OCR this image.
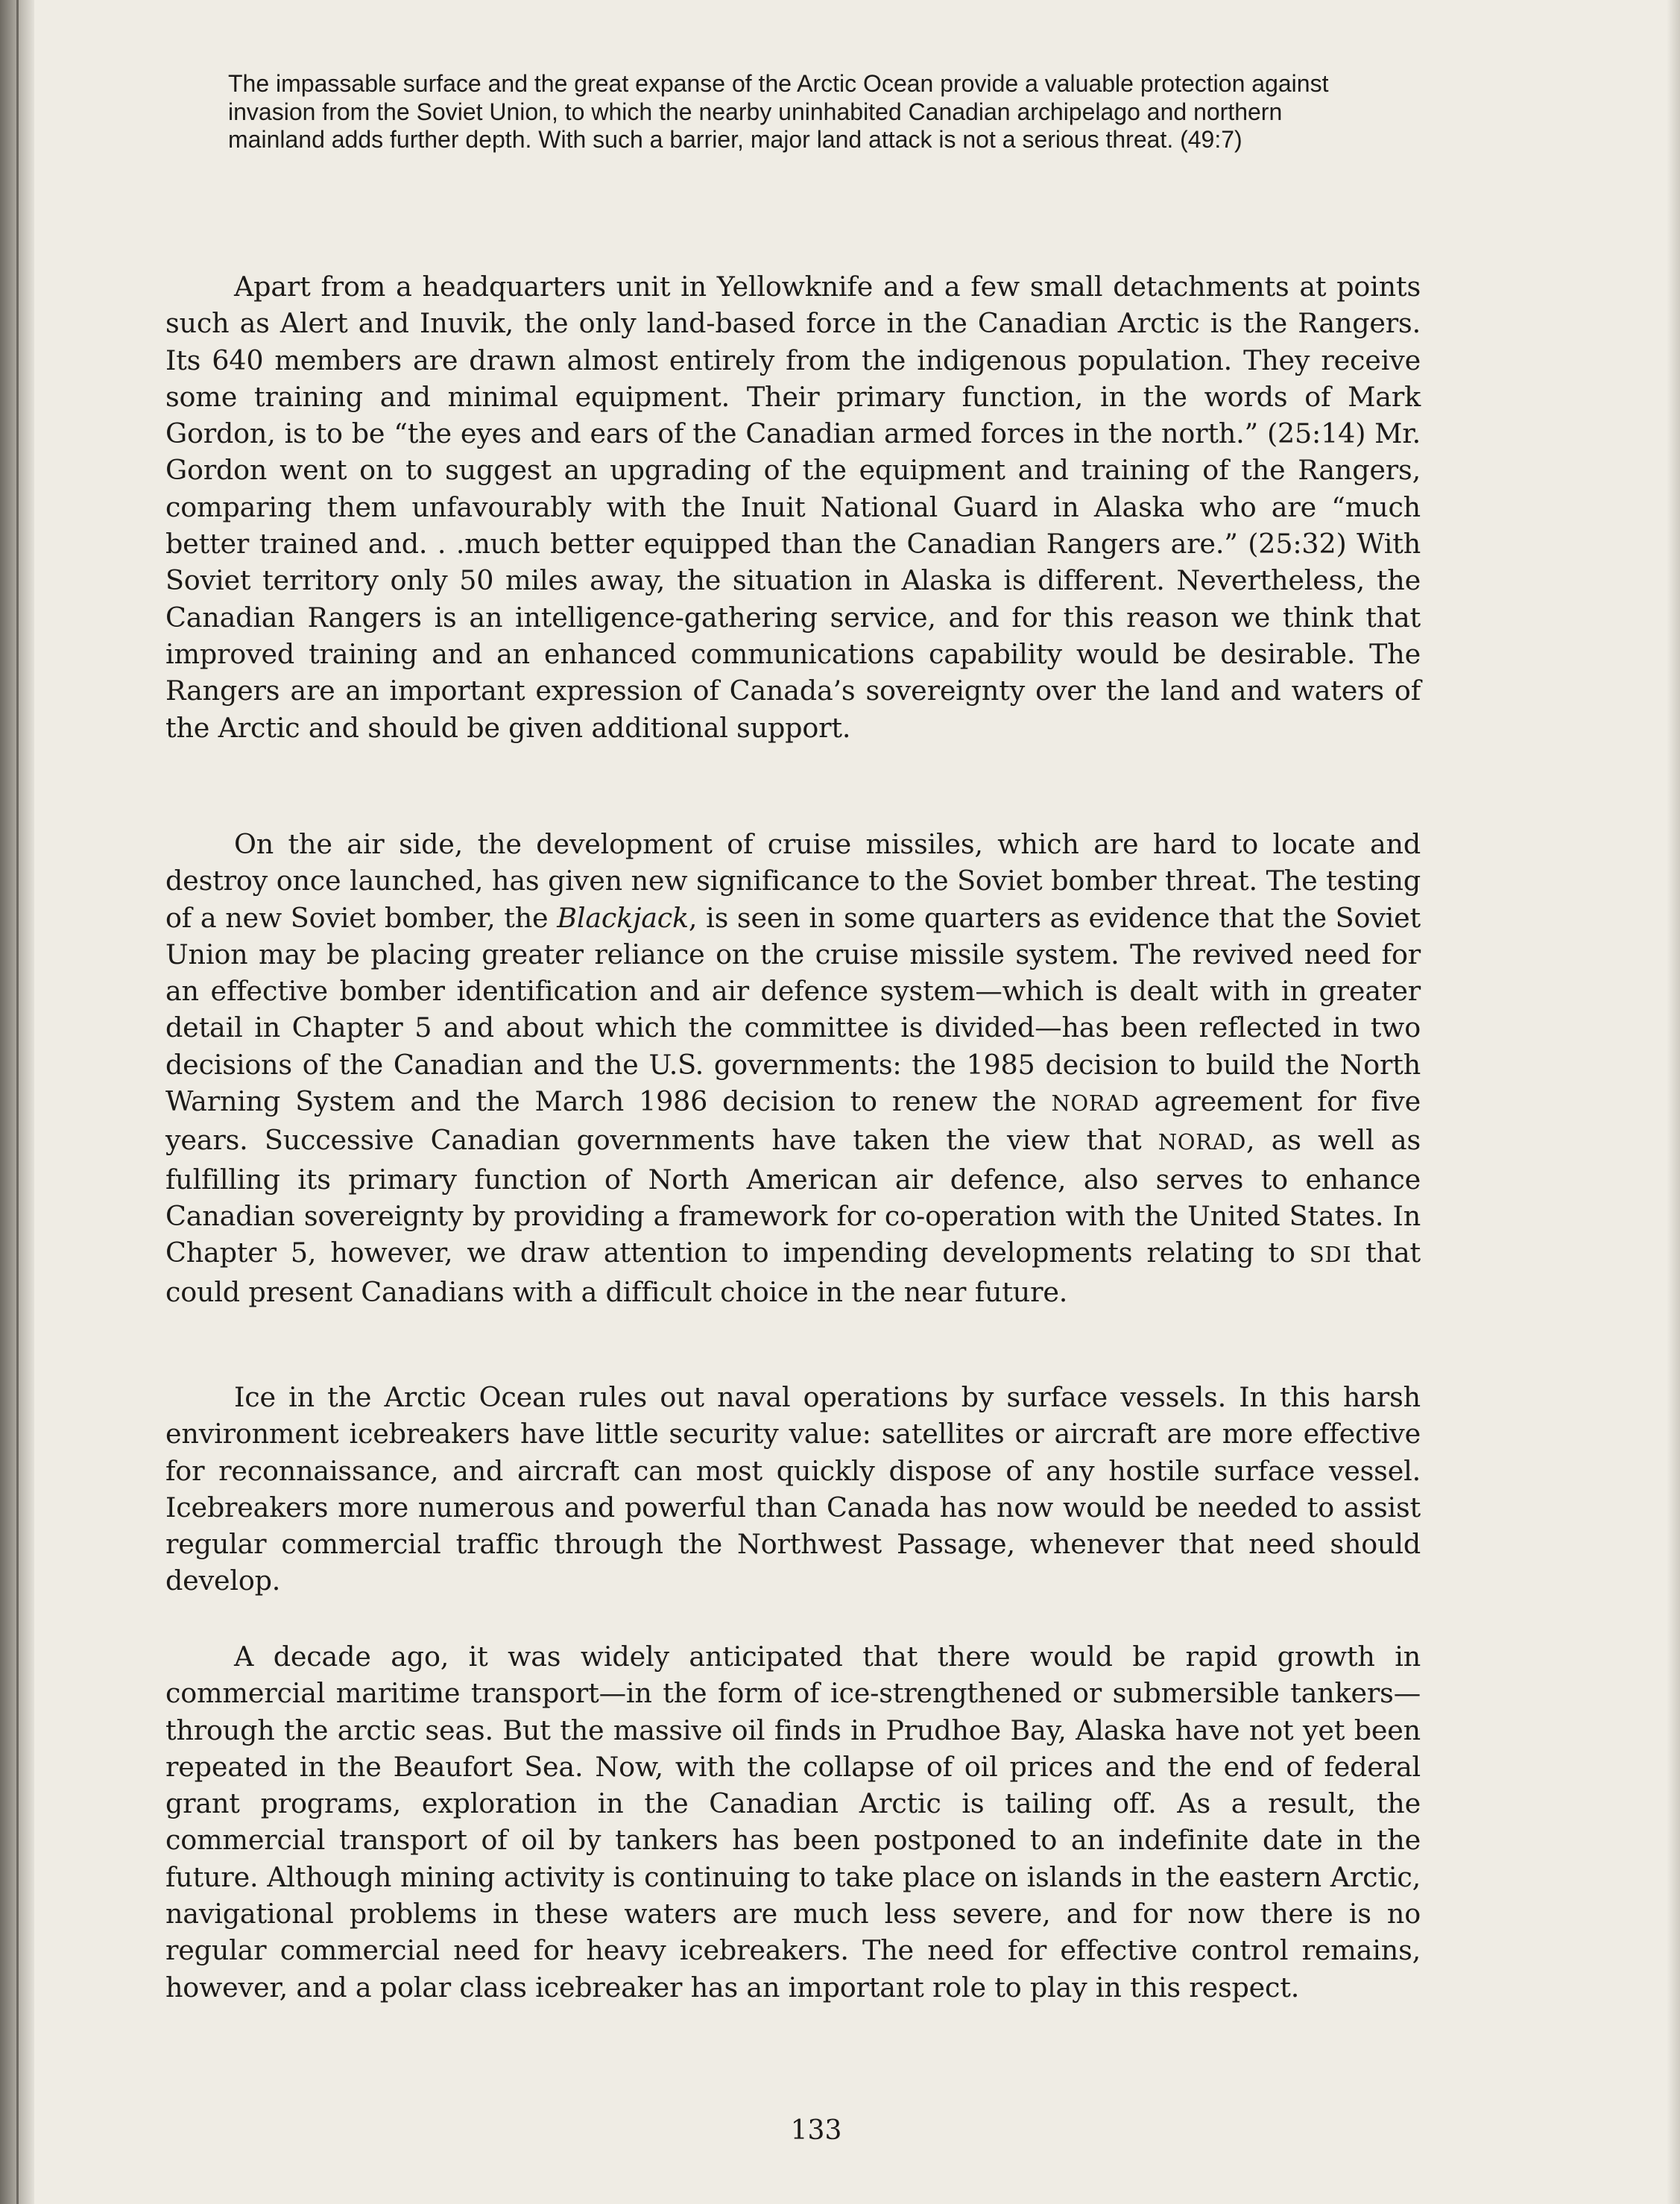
The impassable surface and the great expanse of the Arctic Ocean provide a valuable protection against invasion from the Soviet Union, to which the nearby uninhabited Canadian archipelago and northern mainland adds further depth. With such a barrier, major land attack is not a serious threat. (49:7)

Apart from a headquarters unit in Yellowknife and a few small detachments at points such as Alert and Inuvik, the only land-based force in the Canadian Arctic is the Rangers. Its 640 members are drawn almost entirely from the indigenous population. They receive some training and minimal equipment. Their primary function, in the words of Mark Gordon, is to be “the eyes and ears of the Canadian armed forces in the north.” (25:14) Mr. Gordon went on to suggest an upgrading of the equipment and training of the Rangers, comparing them unfavourably with the Inuit National Guard in Alaska who are “much better trained and. . .much better equipped than the Canadian Rangers are.” (25:32) With Soviet territory only 50 miles away, the situation in Alaska is different. Nevertheless, the Canadian Rangers is an intelligence-gathering service, and for this reason we think that improved training and an enhanced communications capability would be desirable. The Rangers are an important expression of Canada’s sovereignty over the land and waters of the Arctic and should be given additional support.

On the air side, the development of cruise missiles, which are hard to locate and destroy once launched, has given new significance to the Soviet bomber threat. The testing of a new Soviet bomber, the Blackjack, is seen in some quarters as evidence that the Soviet Union may be placing greater reliance on the cruise missile system. The revived need for an effective bomber identification and air defence system—which is dealt with in greater detail in Chapter 5 and about which the committee is divided—has been reflected in two decisions of the Canadian and the U.S. governments: the 1985 decision to build the North Warning System and the March 1986 decision to renew the NORAD agreement for five years. Successive Canadian governments have taken the view that NORAD, as well as fulfilling its primary function of North American air defence, also serves to enhance Canadian sovereignty by providing a framework for co-operation with the United States. In Chapter 5, however, we draw attention to impending developments relating to SDI that could present Canadians with a difficult choice in the near future.

Ice in the Arctic Ocean rules out naval operations by surface vessels. In this harsh environment icebreakers have little security value: satellites or aircraft are more effective for reconnaissance, and aircraft can most quickly dispose of any hostile surface vessel. Icebreakers more numerous and powerful than Canada has now would be needed to assist regular commercial traffic through the Northwest Passage, whenever that need should develop.

A decade ago, it was widely anticipated that there would be rapid growth in commercial maritime transport—in the form of ice-strengthened or submersible tankers—through the arctic seas. But the massive oil finds in Prudhoe Bay, Alaska have not yet been repeated in the Beaufort Sea. Now, with the collapse of oil prices and the end of federal grant programs, exploration in the Canadian Arctic is tailing off. As a result, the commercial transport of oil by tankers has been postponed to an indefinite date in the future. Although mining activity is continuing to take place on islands in the eastern Arctic, navigational problems in these waters are much less severe, and for now there is no regular commercial need for heavy icebreakers. The need for effective control remains, however, and a polar class icebreaker has an important role to play in this respect.

133
